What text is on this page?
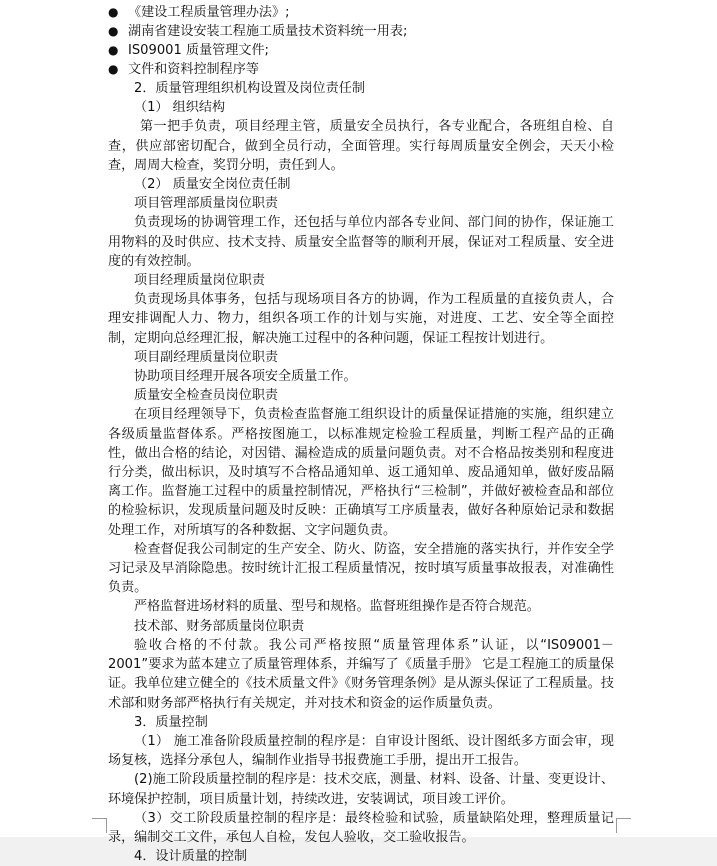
● 《建设工程质量管理办法》;
● 湖南省建设安装工程施工质量技术资料统一用表;
● IS09001 质量管理文件;
● 文件和资料控制程序等

2．质量管理组织机构设置及岗位责任制

（1） 组织结构

第一把手负责，项目经理主管，质量安全员执行，各专业配合，各班组自检、自查，供应部密切配合，做到全员行动，全面管理。实行每周质量安全例会，天天小检查，周周大检查，奖罚分明，责任到人。

（2） 质量安全岗位责任制

项目管理部质量岗位职责

负责现场的协调管理工作，还包括与单位内部各专业间、部门间的协作，保证施工用物料的及时供应、技术支持、质量安全监督等的顺利开展，保证对工程质量、安全进度的有效控制。

项目经理质量岗位职责

负责现场具体事务，包括与现场项目各方的协调，作为工程质量的直接负责人，合理安排调配人力、物力，组织各项工作的计划与实施，对进度、工艺、安全等全面控制，定期向总经理汇报，解决施工过程中的各种问题，保证工程按计划进行。

项目副经理质量岗位职责

协助项目经理开展各项安全质量工作。

质量安全检查员岗位职责

在项目经理领导下，负责检查监督施工组织设计的质量保证措施的实施，组织建立各级质量监督体系。严格按图施工，以标准规定检验工程质量，判断工程产品的正确性，做出合格的结论，对因错、漏检造成的质量问题负责。对不合格品按类别和程度进行分类，做出标识，及时填写不合格品通知单、返工通知单、废品通知单，做好废品隔离工作。监督施工过程中的质量控制情况，严格执行“三检制”，并做好被检查品和部位的检验标识，发现质量问题及时反映：正确填写工序质量表，做好各种原始记录和数据处理工作，对所填写的各种数据、文字问题负责。

检查督促我公司制定的生产安全、防火、防盗，安全措施的落实执行，并作安全学习记录及早消除隐患。按时统计汇报工程质量情况，按时填写质量事故报表，对准确性负责。

严格监督进场材料的质量、型号和规格。监督班组操作是否符合规范。

技术部、财务部质量岗位职责

验收合格的不付款。我公司严格按照“质量管理体系”认证，以“IS09001－2001”要求为蓝本建立了质量管理体系，并编写了《质量手册》 它是工程施工的质量保证。我单位建立健全的《技术质量文件》《财务管理条例》是从源头保证了工程质量。技术部和财务部严格执行有关规定，并对技术和资金的运作质量负责。

3．质量控制

（1） 施工准备阶段质量控制的程序是：自审设计图纸、设计图纸多方面会审，现场复核，选择分承包人，编制作业指导书报费施工手册，提出开工报告。

(2)施工阶段质量控制的程序是：技术交底，测量、材料、设备、计量、变更设计、环境保护控制，项目质量计划，持续改进，安装调试，项目竣工评价。

（3）交工阶段质量控制的程序是：最终检验和试验，质量缺陷处理，整理质量记录，编制交工文件，承包人自检，发包人验收，交工验收报告。

4．设计质量的控制
